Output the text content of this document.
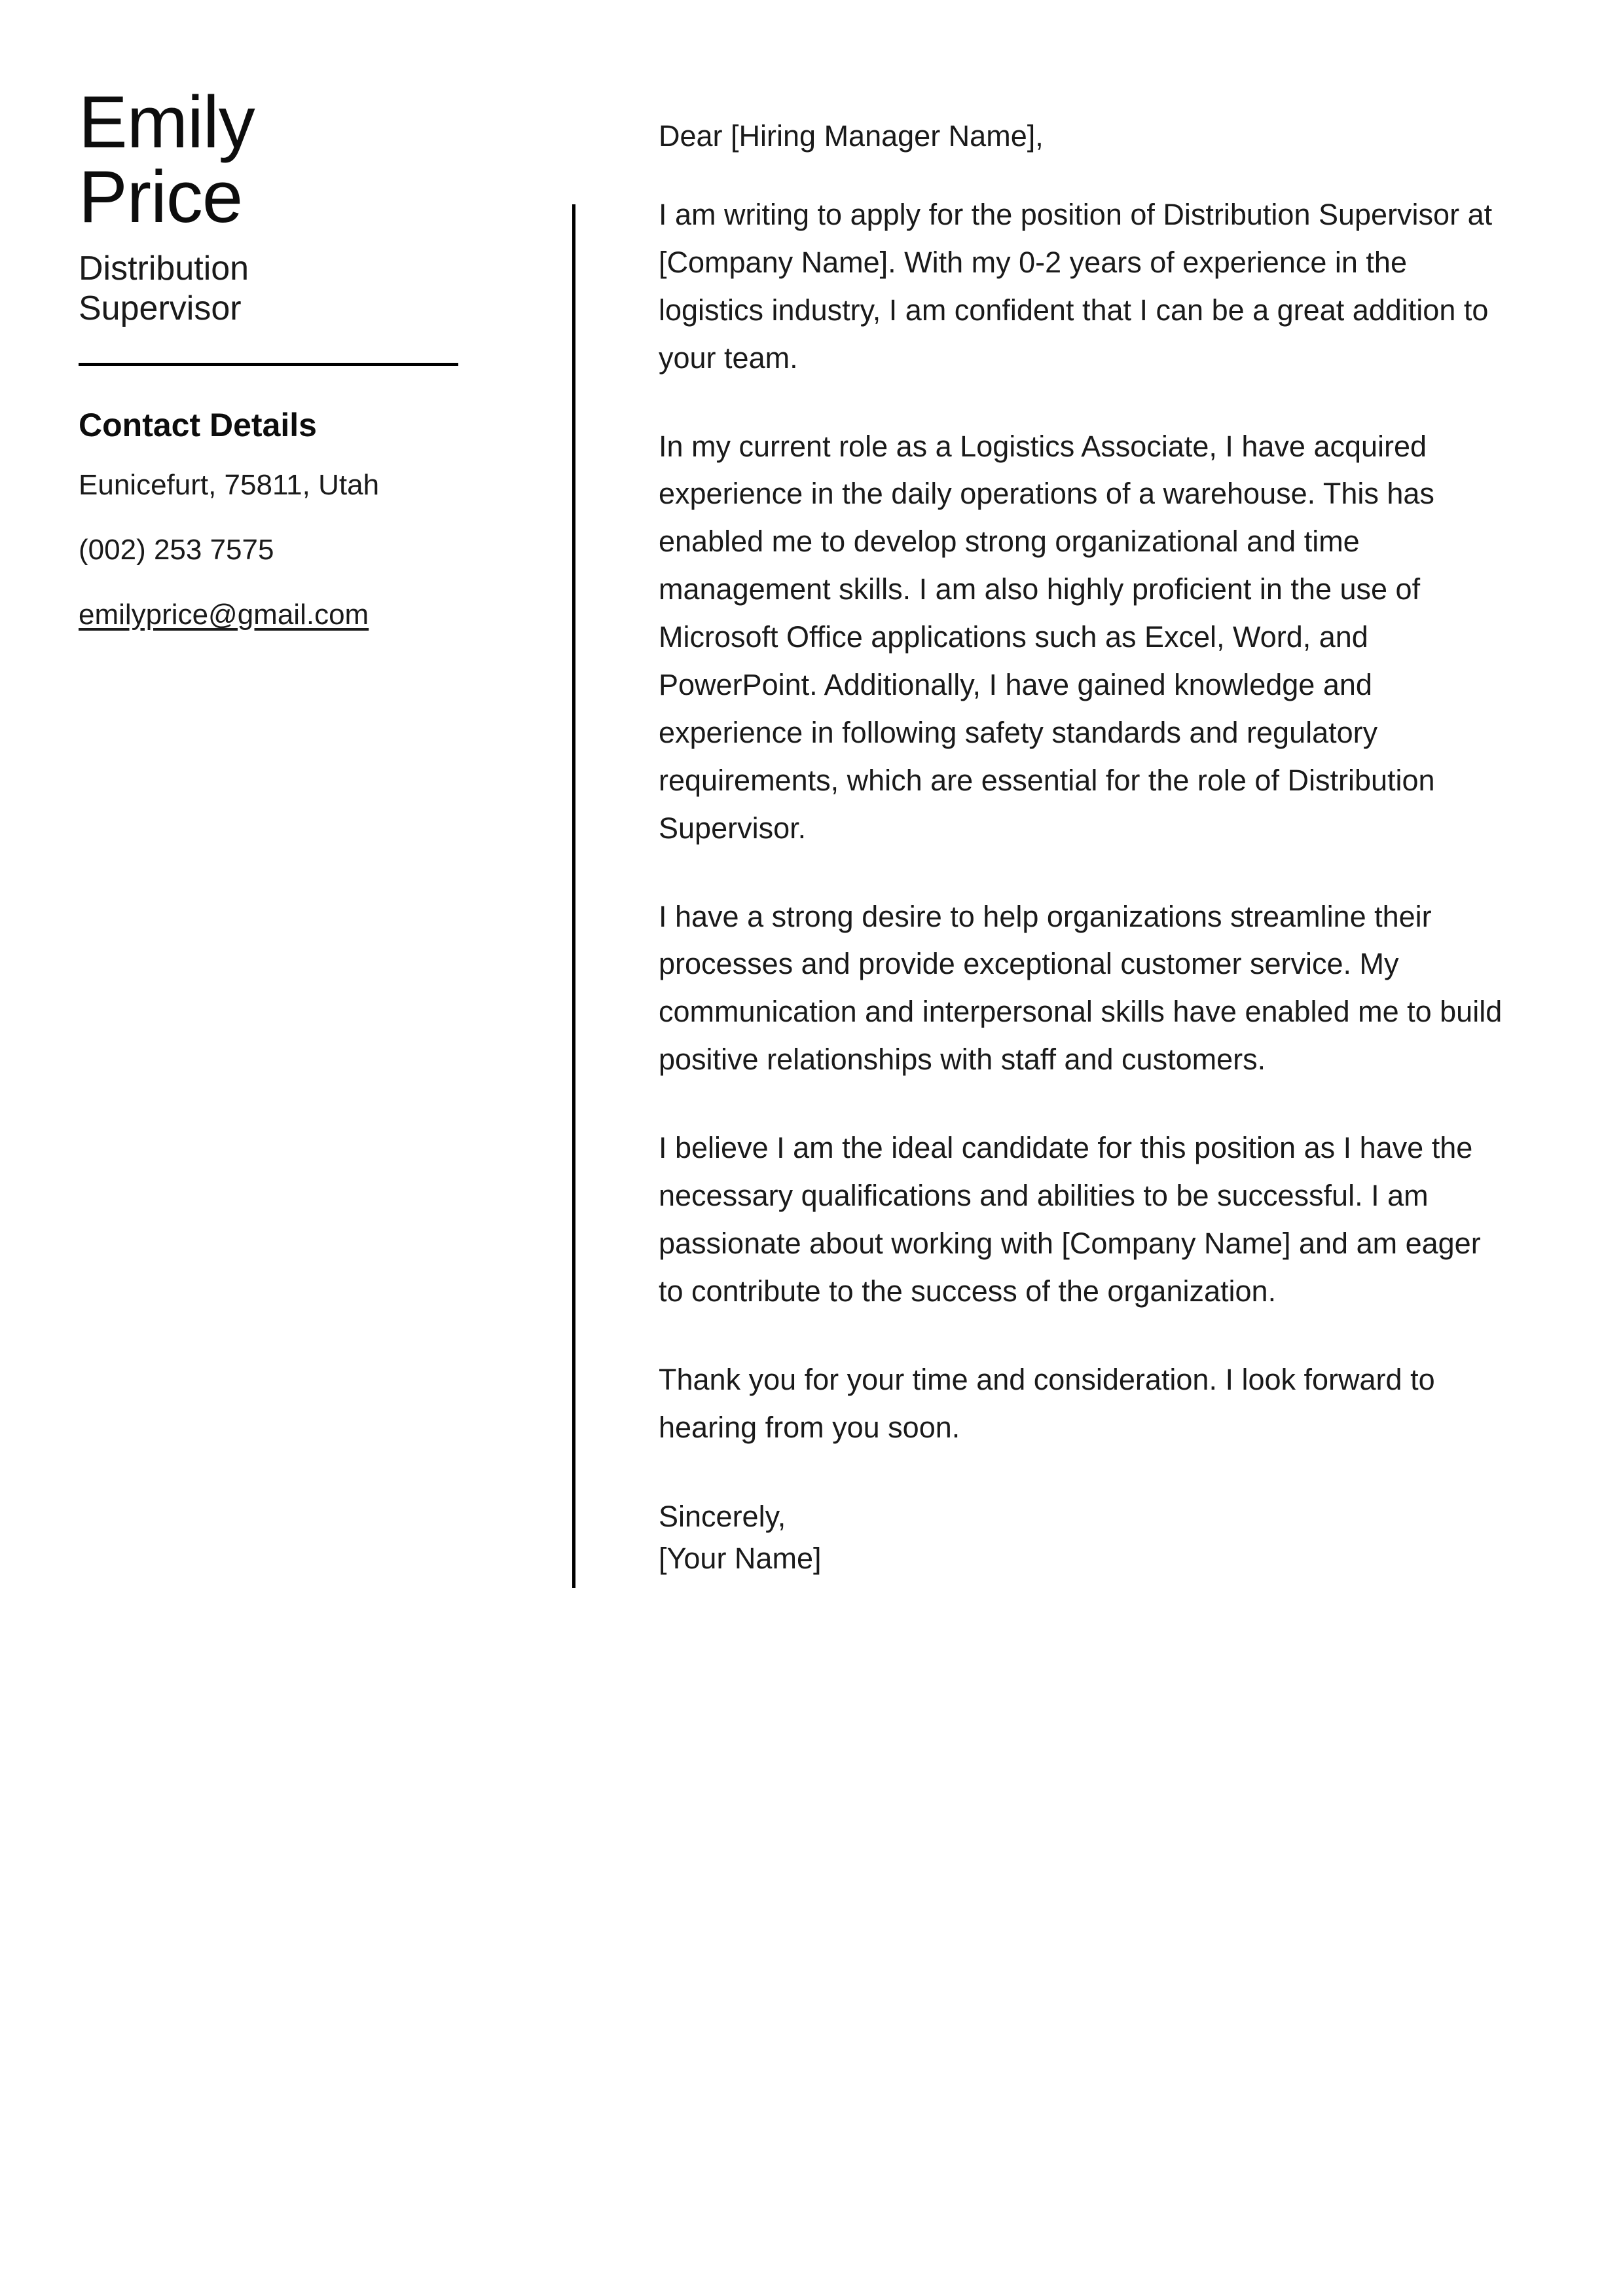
Emily
Price
Distribution
Supervisor
Contact Details
Eunicefurt, 75811, Utah
(002) 253 7575
emilyprice@gmail.com

Dear [Hiring Manager Name],

I am writing to apply for the position of Distribution Supervisor at [Company Name]. With my 0-2 years of experience in the logistics industry, I am confident that I can be a great addition to your team.

In my current role as a Logistics Associate, I have acquired experience in the daily operations of a warehouse. This has enabled me to develop strong organizational and time management skills. I am also highly proficient in the use of Microsoft Office applications such as Excel, Word, and PowerPoint. Additionally, I have gained knowledge and experience in following safety standards and regulatory requirements, which are essential for the role of Distribution Supervisor.

I have a strong desire to help organizations streamline their processes and provide exceptional customer service. My communication and interpersonal skills have enabled me to build positive relationships with staff and customers.

I believe I am the ideal candidate for this position as I have the necessary qualifications and abilities to be successful. I am passionate about working with [Company Name] and am eager to contribute to the success of the organization.

Thank you for your time and consideration. I look forward to hearing from you soon.

Sincerely,
[Your Name]
